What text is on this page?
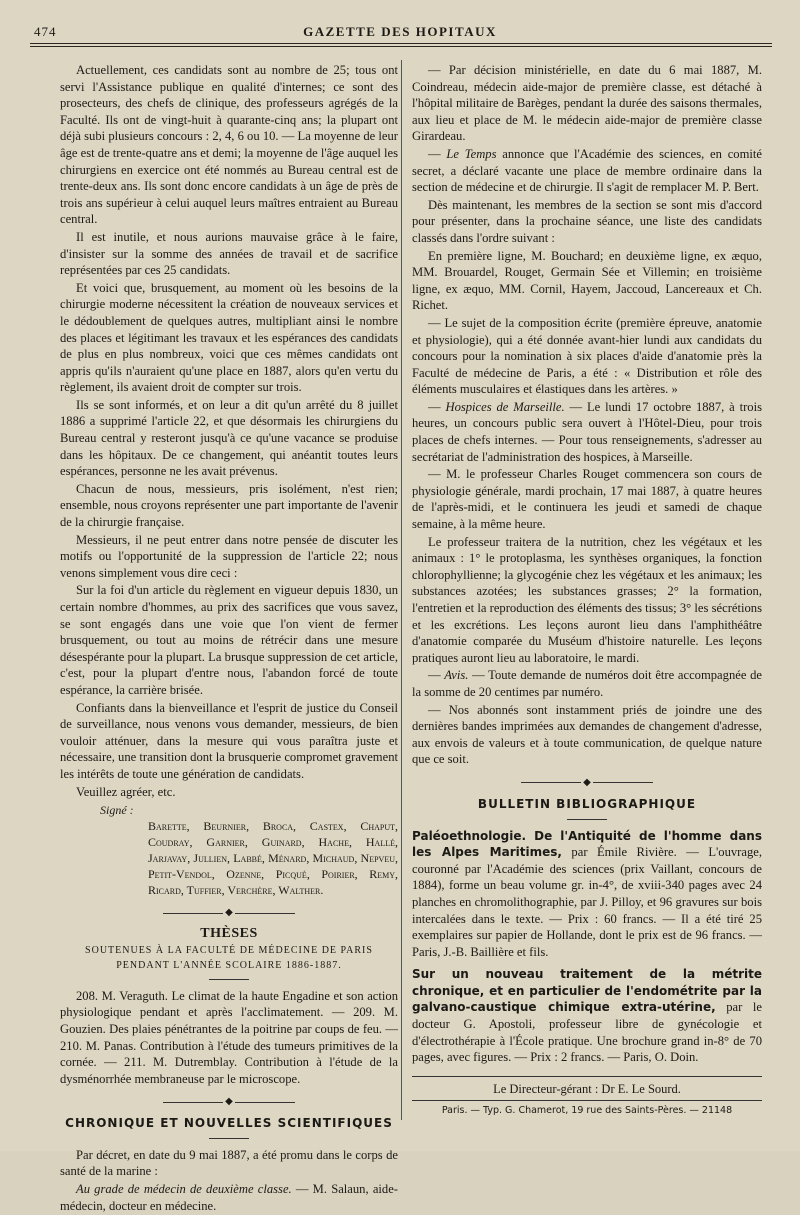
474	GAZETTE DES HOPITAUX

Actuellement, ces candidats sont au nombre de 25; tous ont servi l'Assistance publique en qualité d'internes; ce sont des prosecteurs, des chefs de clinique, des professeurs agrégés de la Faculté. Ils ont de vingt-huit à quarante-cinq ans; la plupart ont déjà subi plusieurs concours : 2, 4, 6 ou 10. — La moyenne de leur âge est de trente-quatre ans et demi; la moyenne de l'âge auquel les chirurgiens en exercice ont été nommés au Bureau central est de trente-deux ans. Ils sont donc encore candidats à un âge de près de trois ans supérieur à celui auquel leurs maîtres entraient au Bureau central.

Il est inutile, et nous aurions mauvaise grâce à le faire, d'insister sur la somme des années de travail et de sacrifice représentées par ces 25 candidats.

Et voici que, brusquement, au moment où les besoins de la chirurgie moderne nécessitent la création de nouveaux services et le dédoublement de quelques autres, multipliant ainsi le nombre des places et légitimant les travaux et les espérances des candidats de plus en plus nombreux, voici que ces mêmes candidats ont appris qu'ils n'auraient qu'une place en 1887, alors qu'en vertu du règlement, ils avaient droit de compter sur trois.

Ils se sont informés, et on leur a dit qu'un arrêté du 8 juillet 1886 a supprimé l'article 22, et que désormais les chirurgiens du Bureau central y resteront jusqu'à ce qu'une vacance se produise dans les hôpitaux. De ce changement, qui anéantit toutes leurs espérances, personne ne les avait prévenus.

Chacun de nous, messieurs, pris isolément, n'est rien; ensemble, nous croyons représenter une part importante de l'avenir de la chirurgie française.

Messieurs, il ne peut entrer dans notre pensée de discuter les motifs ou l'opportunité de la suppression de l'article 22; nous venons simplement vous dire ceci :

Sur la foi d'un article du règlement en vigueur depuis 1830, un certain nombre d'hommes, au prix des sacrifices que vous savez, se sont engagés dans une voie que l'on vient de fermer brusquement, ou tout au moins de rétrécir dans une mesure désespérante pour la plupart. La brusque suppression de cet article, c'est, pour la plupart d'entre nous, l'abandon forcé de toute espérance, la carrière brisée.

Confiants dans la bienveillance et l'esprit de justice du Conseil de surveillance, nous venons vous demander, messieurs, de bien vouloir atténuer, dans la mesure qui vous paraîtra juste et nécessaire, une transition dont la brusquerie compromet gravement les intérêts de toute une génération de candidats.

Veuillez agréer, etc.

Signé :
Barette, Beurnier, Broca, Castex, Chaput, Coudray, Garnier, Guinard, Hache, Hallé, Jarjavay, Jullien, Labbé, Ménard, Michaud, Nepveu, Petit-Vendol, Ozenne, Picqué, Poirier, Remy, Ricard, Tuffier, Verchère, Walther.
◆
THÈSES
SOUTENUES À LA FACULTÉ DE MÉDECINE DE PARIS
PENDANT L'ANNÉE SCOLAIRE 1886-1887.

208. M. Veraguth. Le climat de la haute Engadine et son action physiologique pendant et après l'acclimatement. — 209. M. Gouzien. Des plaies pénétrantes de la poitrine par coups de feu. — 210. M. Panas. Contribution à l'étude des tumeurs primitives de la cornée. — 211. M. Dutremblay. Contribution à l'étude de la dysménorrhée membraneuse par le microscope.

◆
CHRONIQUE ET NOUVELLES SCIENTIFIQUES

Par décret, en date du 9 mai 1887, a été promu dans le corps de santé de la marine :

Au grade de médecin de deuxième classe. — M. Salaun, aide-médecin, docteur en médecine.

— Par décision ministérielle, en date du 6 mai 1887, M. Coindreau, médecin aide-major de première classe, est détaché à l'hôpital militaire de Barèges, pendant la durée des saisons thermales, aux lieu et place de M. le médecin aide-major de première classe Girardeau.

— Le Temps annonce que l'Académie des sciences, en comité secret, a déclaré vacante une place de membre ordinaire dans la section de médecine et de chirurgie. Il s'agit de remplacer M. P. Bert.

Dès maintenant, les membres de la section se sont mis d'accord pour présenter, dans la prochaine séance, une liste des candidats classés dans l'ordre suivant :

En première ligne, M. Bouchard; en deuxième ligne, ex æquo, MM. Brouardel, Rouget, Germain Sée et Villemin; en troisième ligne, ex æquo, MM. Cornil, Hayem, Jaccoud, Lancereaux et Ch. Richet.

— Le sujet de la composition écrite (première épreuve, anatomie et physiologie), qui a été donnée avant-hier lundi aux candidats du concours pour la nomination à six places d'aide d'anatomie près la Faculté de médecine de Paris, a été : « Distribution et rôle des éléments musculaires et élastiques dans les artères. »

— Hospices de Marseille. — Le lundi 17 octobre 1887, à trois heures, un concours public sera ouvert à l'Hôtel-Dieu, pour trois places de chefs internes. — Pour tous renseignements, s'adresser au secrétariat de l'administration des hospices, à Marseille.

— M. le professeur Charles Rouget commencera son cours de physiologie générale, mardi prochain, 17 mai 1887, à quatre heures de l'après-midi, et le continuera les jeudi et samedi de chaque semaine, à la même heure.

Le professeur traitera de la nutrition, chez les végétaux et les animaux : 1° le protoplasma, les synthèses organiques, la fonction chlorophyllienne; la glycogénie chez les végétaux et les animaux; les substances azotées; les substances grasses; 2° la formation, l'entretien et la reproduction des éléments des tissus; 3° les sécrétions et les excrétions. Les leçons auront lieu dans l'amphithéâtre d'anatomie comparée du Muséum d'histoire naturelle. Les leçons pratiques auront lieu au laboratoire, le mardi.

— Avis. — Toute demande de numéros doit être accompagnée de la somme de 20 centimes par numéro.

— Nos abonnés sont instamment priés de joindre une des dernières bandes imprimées aux demandes de changement d'adresse, aux envois de valeurs et à toute communication, de quelque nature que ce soit.

◆
BULLETIN BIBLIOGRAPHIQUE

Paléoethnologie. De l'Antiquité de l'homme dans les Alpes Maritimes, par Émile Rivière. — L'ouvrage, couronné par l'Académie des sciences (prix Vaillant, concours de 1884), forme un beau volume gr. in-4°, de xviii-340 pages avec 24 planches en chromolithographie, par J. Pilloy, et 96 gravures sur bois intercalées dans le texte. — Prix : 60 francs. — Il a été tiré 25 exemplaires sur papier de Hollande, dont le prix est de 96 francs. — Paris, J.-B. Baillière et fils.

Sur un nouveau traitement de la métrite chronique, et en particulier de l'endométrite par la galvano-caustique chimique extra-utérine, par le docteur G. Apostoli, professeur libre de gynécologie et d'électrothérapie à l'École pratique. Une brochure grand in-8° de 70 pages, avec figures. — Prix : 2 francs. — Paris, O. Doin.

Le Directeur-gérant : Dr E. Le Sourd.
Paris. — Typ. G. Chamerot, 19 rue des Saints-Pères. — 21148
